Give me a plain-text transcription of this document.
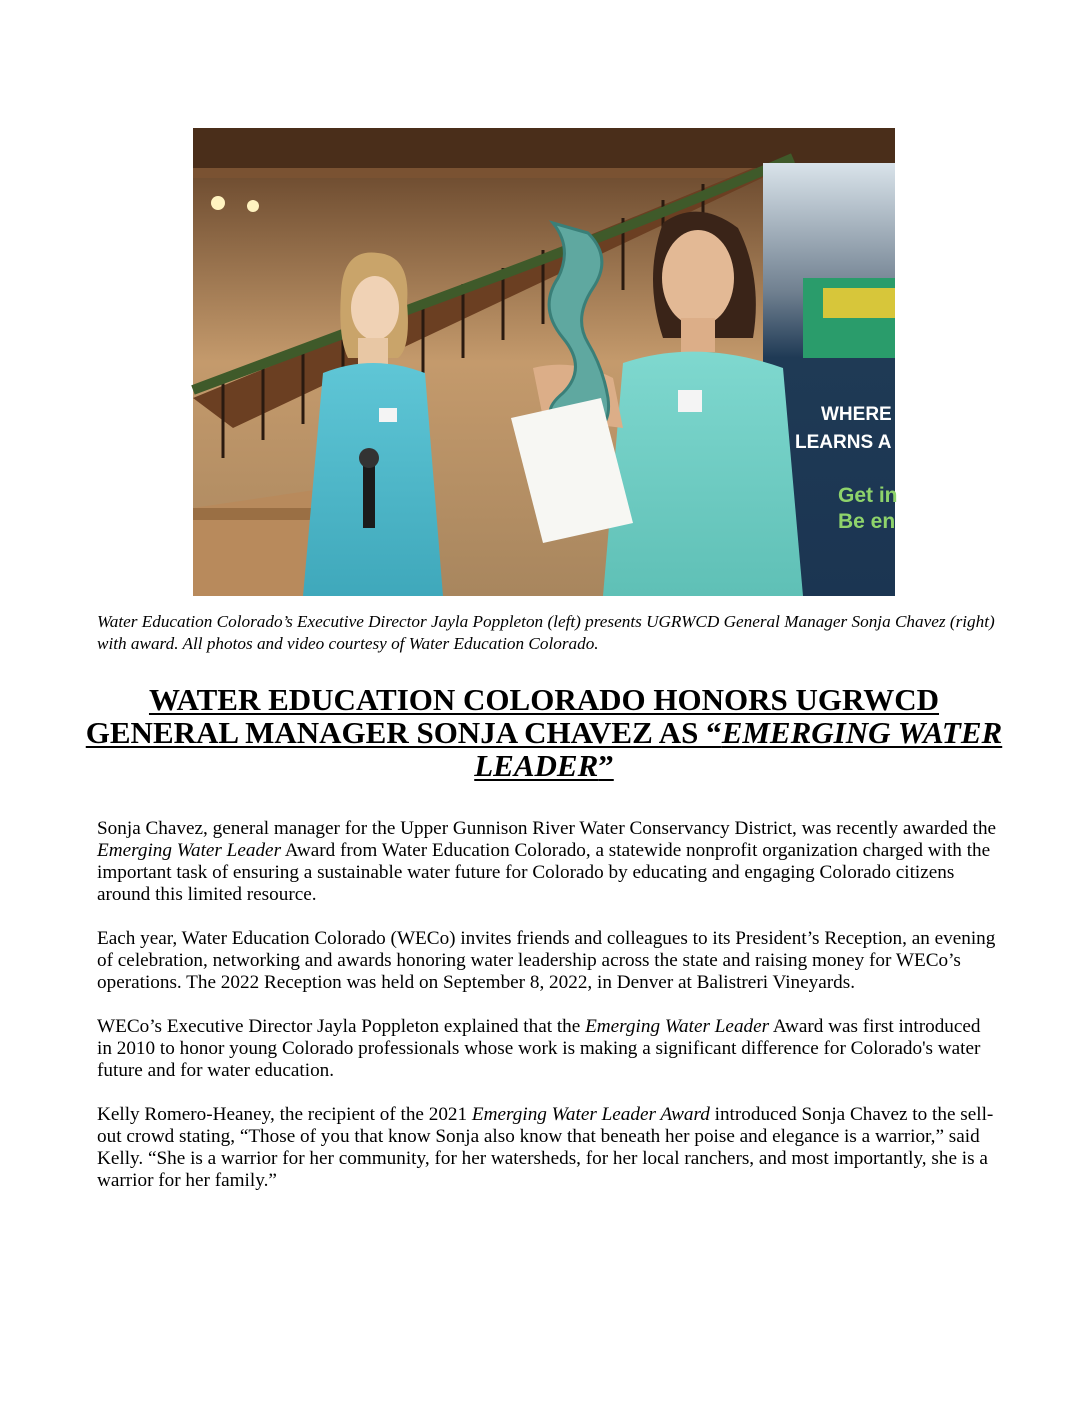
WHERE C
LEARNS A
Get in
Be en
Water Education Colorado’s Executive Director Jayla Poppleton (left) presents UGRWCD General Manager Sonja Chavez (right) with award. All photos and video courtesy of Water Education Colorado.
WATER EDUCATION COLORADO HONORS UGRWCD GENERAL MANAGER SONJA CHAVEZ AS “EMERGING WATER LEADER”

Sonja Chavez, general manager for the Upper Gunnison River Water Conservancy District, was recently awarded the Emerging Water Leader Award from Water Education Colorado, a statewide nonprofit organization charged with the important task of ensuring a sustainable water future for Colorado by educating and engaging Colorado citizens around this limited resource.

Each year, Water Education Colorado (WECo) invites friends and colleagues to its President’s Reception, an evening of celebration, networking and awards honoring water leadership across the state and raising money for WECo’s operations. The 2022 Reception was held on September 8, 2022, in Denver at Balistreri Vineyards.

WECo’s Executive Director Jayla Poppleton explained that the Emerging Water Leader Award was first introduced in 2010 to honor young Colorado professionals whose work is making a significant difference for Colorado's water future and for water education.

Kelly Romero-Heaney, the recipient of the 2021 Emerging Water Leader Award introduced Sonja Chavez to the sell-out crowd stating, “Those of you that know Sonja also know that beneath her poise and elegance is a warrior,” said Kelly. “She is a warrior for her community, for her watersheds, for her local ranchers, and most importantly, she is a warrior for her family.”
